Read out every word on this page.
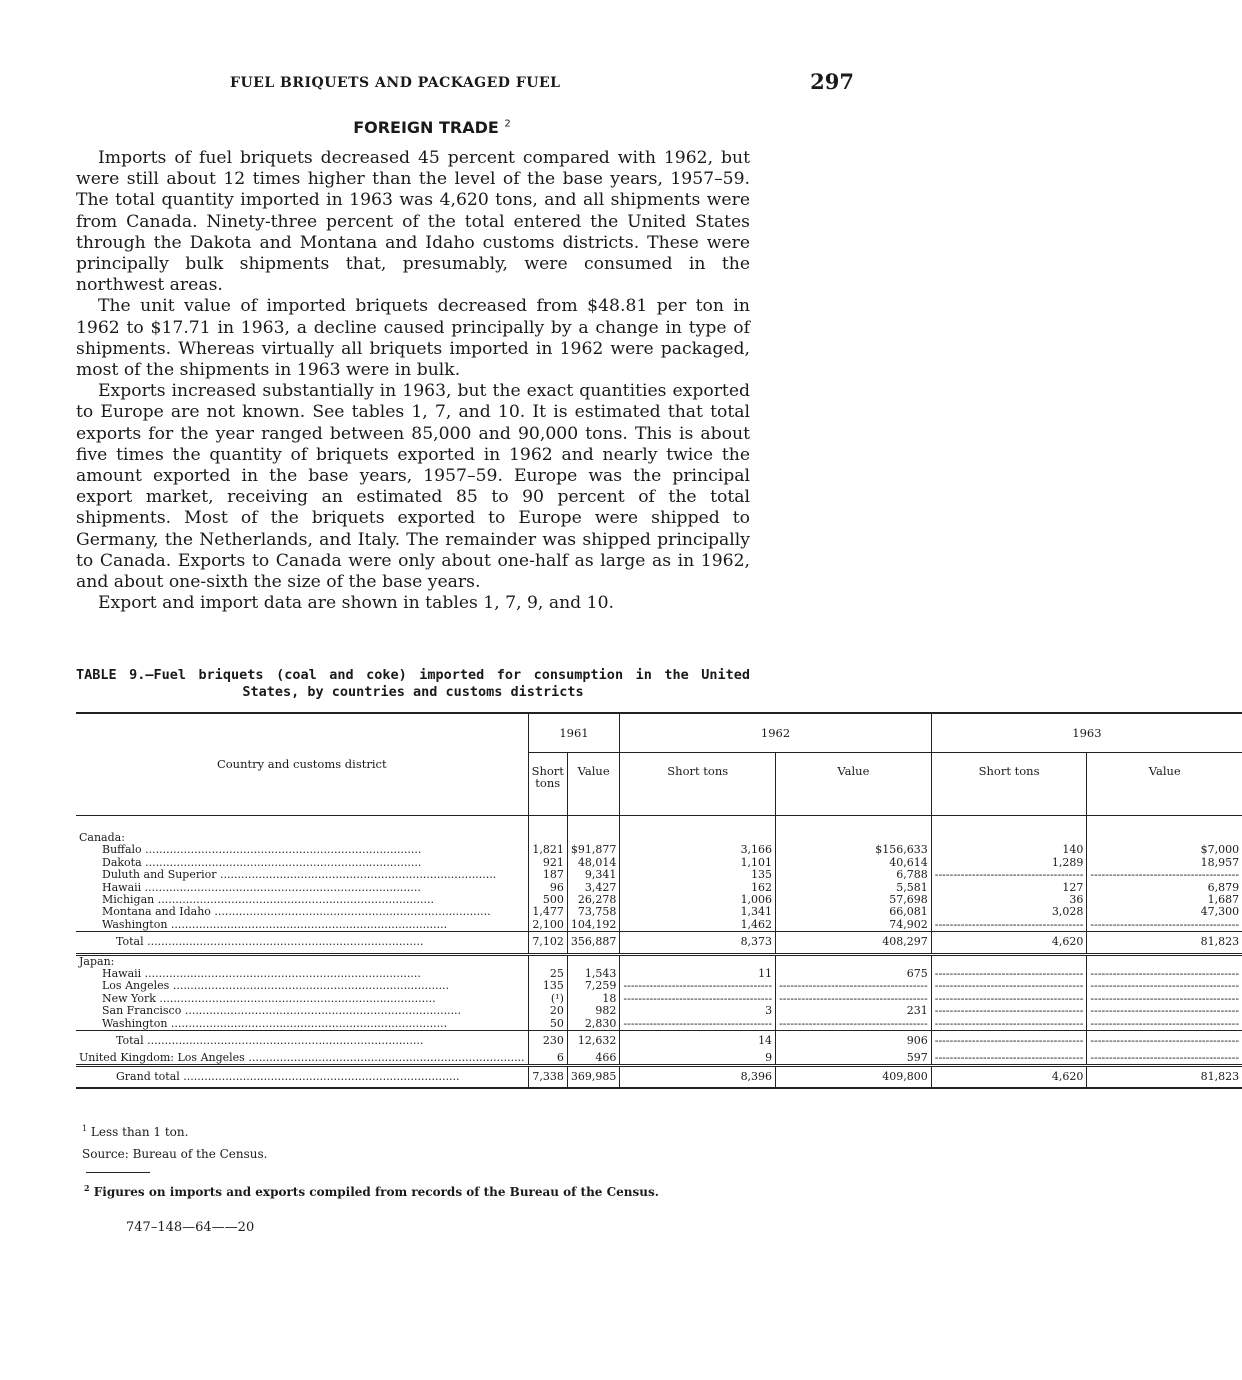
FUEL BRIQUETS AND PACKAGED FUEL	297
FOREIGN TRADE $^2$

Imports of fuel briquets decreased 45 percent compared with 1962, but were still about 12 times higher than the level of the base years, 1957–59. The total quantity imported in 1963 was 4,620 tons, and all shipments were from Canada. Ninety-three percent of the total entered the United States through the Dakota and Montana and Idaho customs districts. These were principally bulk shipments that, presumably, were consumed in the northwest areas.

The unit value of imported briquets decreased from $48.81 per ton in 1962 to $17.71 in 1963, a decline caused principally by a change in type of shipments. Whereas virtually all briquets imported in 1962 were packaged, most of the shipments in 1963 were in bulk.

Exports increased substantially in 1963, but the exact quantities exported to Europe are not known. See tables 1, 7, and 10. It is estimated that total exports for the year ranged between 85,000 and 90,000 tons. This is about five times the quantity of briquets exported in 1962 and nearly twice the amount exported in the base years, 1957–59. Europe was the principal export market, receiving an estimated 85 to 90 percent of the total shipments. Most of the briquets exported to Europe were shipped to Germany, the Netherlands, and Italy. The remainder was shipped principally to Canada. Exports to Canada were only about one-half as large as in 1962, and about one-sixth the size of the base years.

Export and import data are shown in tables 1, 7, 9, and 10.

TABLE 9.—Fuel briquets (coal and coke) imported for consumption in the United States, by countries and customs districts
Country and customs district	1961		1962		1963	
	Short tons	Value	Short tons	Value	Short tons	Value
Canada:						
Buffalo .....	1,821	$91,877	3,166	$156,633	140	$7,000
Dakota .....	921	48,014	1,101	40,614	1,289	18,957
Duluth and Superior .....	187	9,341	135	6,788	-----	-----
Hawaii .....	96	3,427	162	5,581	127	6,879
Michigan .....	500	26,278	1,006	57,698	36	1,687
Montana and Idaho .....	1,477	73,758	1,341	66,081	3,028	47,300
Washington .....	2,100	104,192	1,462	74,902	-----	-----
Total .....	7,102	356,887	8,373	408,297	4,620	81,823
Japan:						
Hawaii .....	25	1,543	11	675	-----	-----
Los Angeles .....	135	7,259	-----	-----	-----	-----
New York .....	(¹)	18	-----	-----	-----	-----
San Francisco .....	20	982	3	231	-----	-----
Washington .....	50	2,830	-----	-----	-----	-----
Total .....	230	12,632	14	906	-----	-----
United Kingdom: Los Angeles .....	6	466	9	597	-----	-----
Grand total .....	7,338	369,985	8,396	409,800	4,620	81,823
$^1$ Less than 1 ton.
Source: Bureau of the Census.
$^2$ Figures on imports and exports compiled from records of the Bureau of the Census.
747–148—64——20
